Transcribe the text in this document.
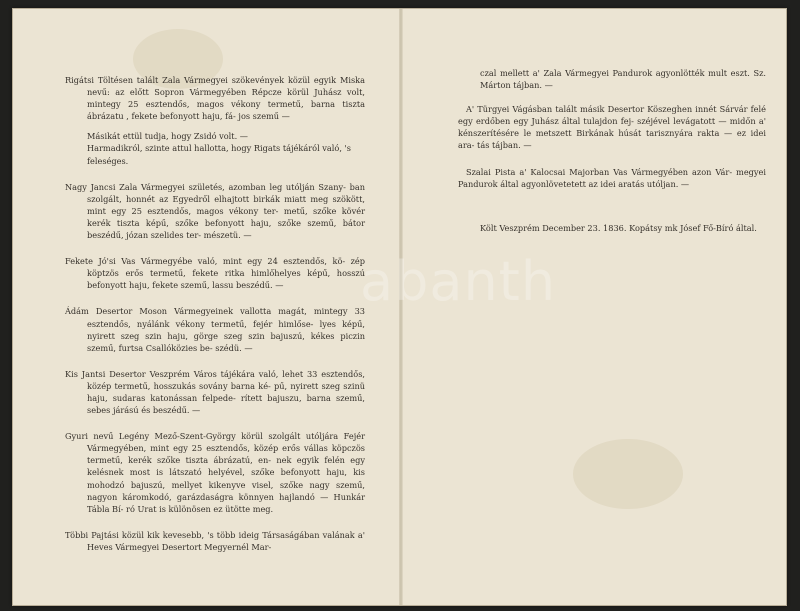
Rigátsi Töltésen talált Zala Vármegyei szökevények közül egyik Miska nevű: az előtt Sopron Vármegyében Répcze körül Juhász volt, mintegy 25 esztendős, magos vékony termetű, barna tiszta ábrázatu , fekete befonyott haju, fá- jos szemű —

Másikát ettül tudja, hogy Zsidó volt. —

Harmadikról, szinte attul hallotta, hogy Rigats tájékáról való, 's feleséges.

Nagy Jancsi Zala Vármegyei születés, azomban leg utólján Szany- ban szolgált, honnét az Egyedről elhajtott birkák miatt meg szökött, mint egy 25 esztendős, magos vékony ter- metű, szőke kövér kerék tiszta képű, szőke befonyott haju, szőke szemű, bátor beszédű, józan szelides ter- mészetü. —

Fekete Jó'si Vas Vármegyébe való, mint egy 24 esztendős, kö- zép köptzös erős termetű, fekete ritka himlőhelyes képű, hosszú befonyott haju, fekete szemű, lassu beszédű. —

Ádám Desertor Moson Vármegyeinek vallotta magát, mintegy 33 esztendős, nyálánk vékony termetű, fejér himlőse- lyes képű, nyirett szeg szin haju, görge szeg szin bajuszú, kékes piczin szemű, furtsa Csallóközies be- szédü. —

Kis Jantsi Desertor Veszprém Város tájékára való, lehet 33 esztendős, közép termetű, hosszukás sovány barna ké- pű, nyirett szeg szinü haju, sudaras katonássan felpede- rített bajuszu, barna szemű, sebes járású és beszédű. —

Gyuri nevű Legény Mező-Szent-György körül szolgált utóljára Fejér Vármegyében, mint egy 25 esztendős, közép erős vállas köpczös termetű, kerék szőke tiszta ábrázatú, en- nek egyik felén egy kelésnek most is látszató helyével, szőke befonyott haju, kis mohodzó bajuszú, mellyet kikenyve visel, szőke nagy szemű, nagyon káromkodó, garázdaságra könnyen hajlandó — Hunkár Tábla Bí- ró Urat is különösen ez ütötte meg.

Többi Pajtási közül kik kevesebb, 's több ideig Társaságában valának a' Heves Vármegyei Desertort Megyernél Mar-

czal mellett a' Zala Vármegyei Pandurok agyonlötték mult eszt. Sz. Márton tájban. —
A' Türgyei Vágásban talált másik Desertor Köszeghen innét Sárvár felé egy erdőben egy Juhász által tulajdon fej- széjével levágatott — midőn a' kénszerítésére le metszett Birkának húsát tarisznyára rakta — ez idei ara- tás tájban. —
Szalai Pista a' Kalocsai Majorban Vas Vármegyében azon Vár- megyei Pandurok által agyonlövetetett az idei aratás utóljan. —
Költ Veszprém December 23. 1836. Kopátsy mk Jósef Fő-Bíró által.
abanth
